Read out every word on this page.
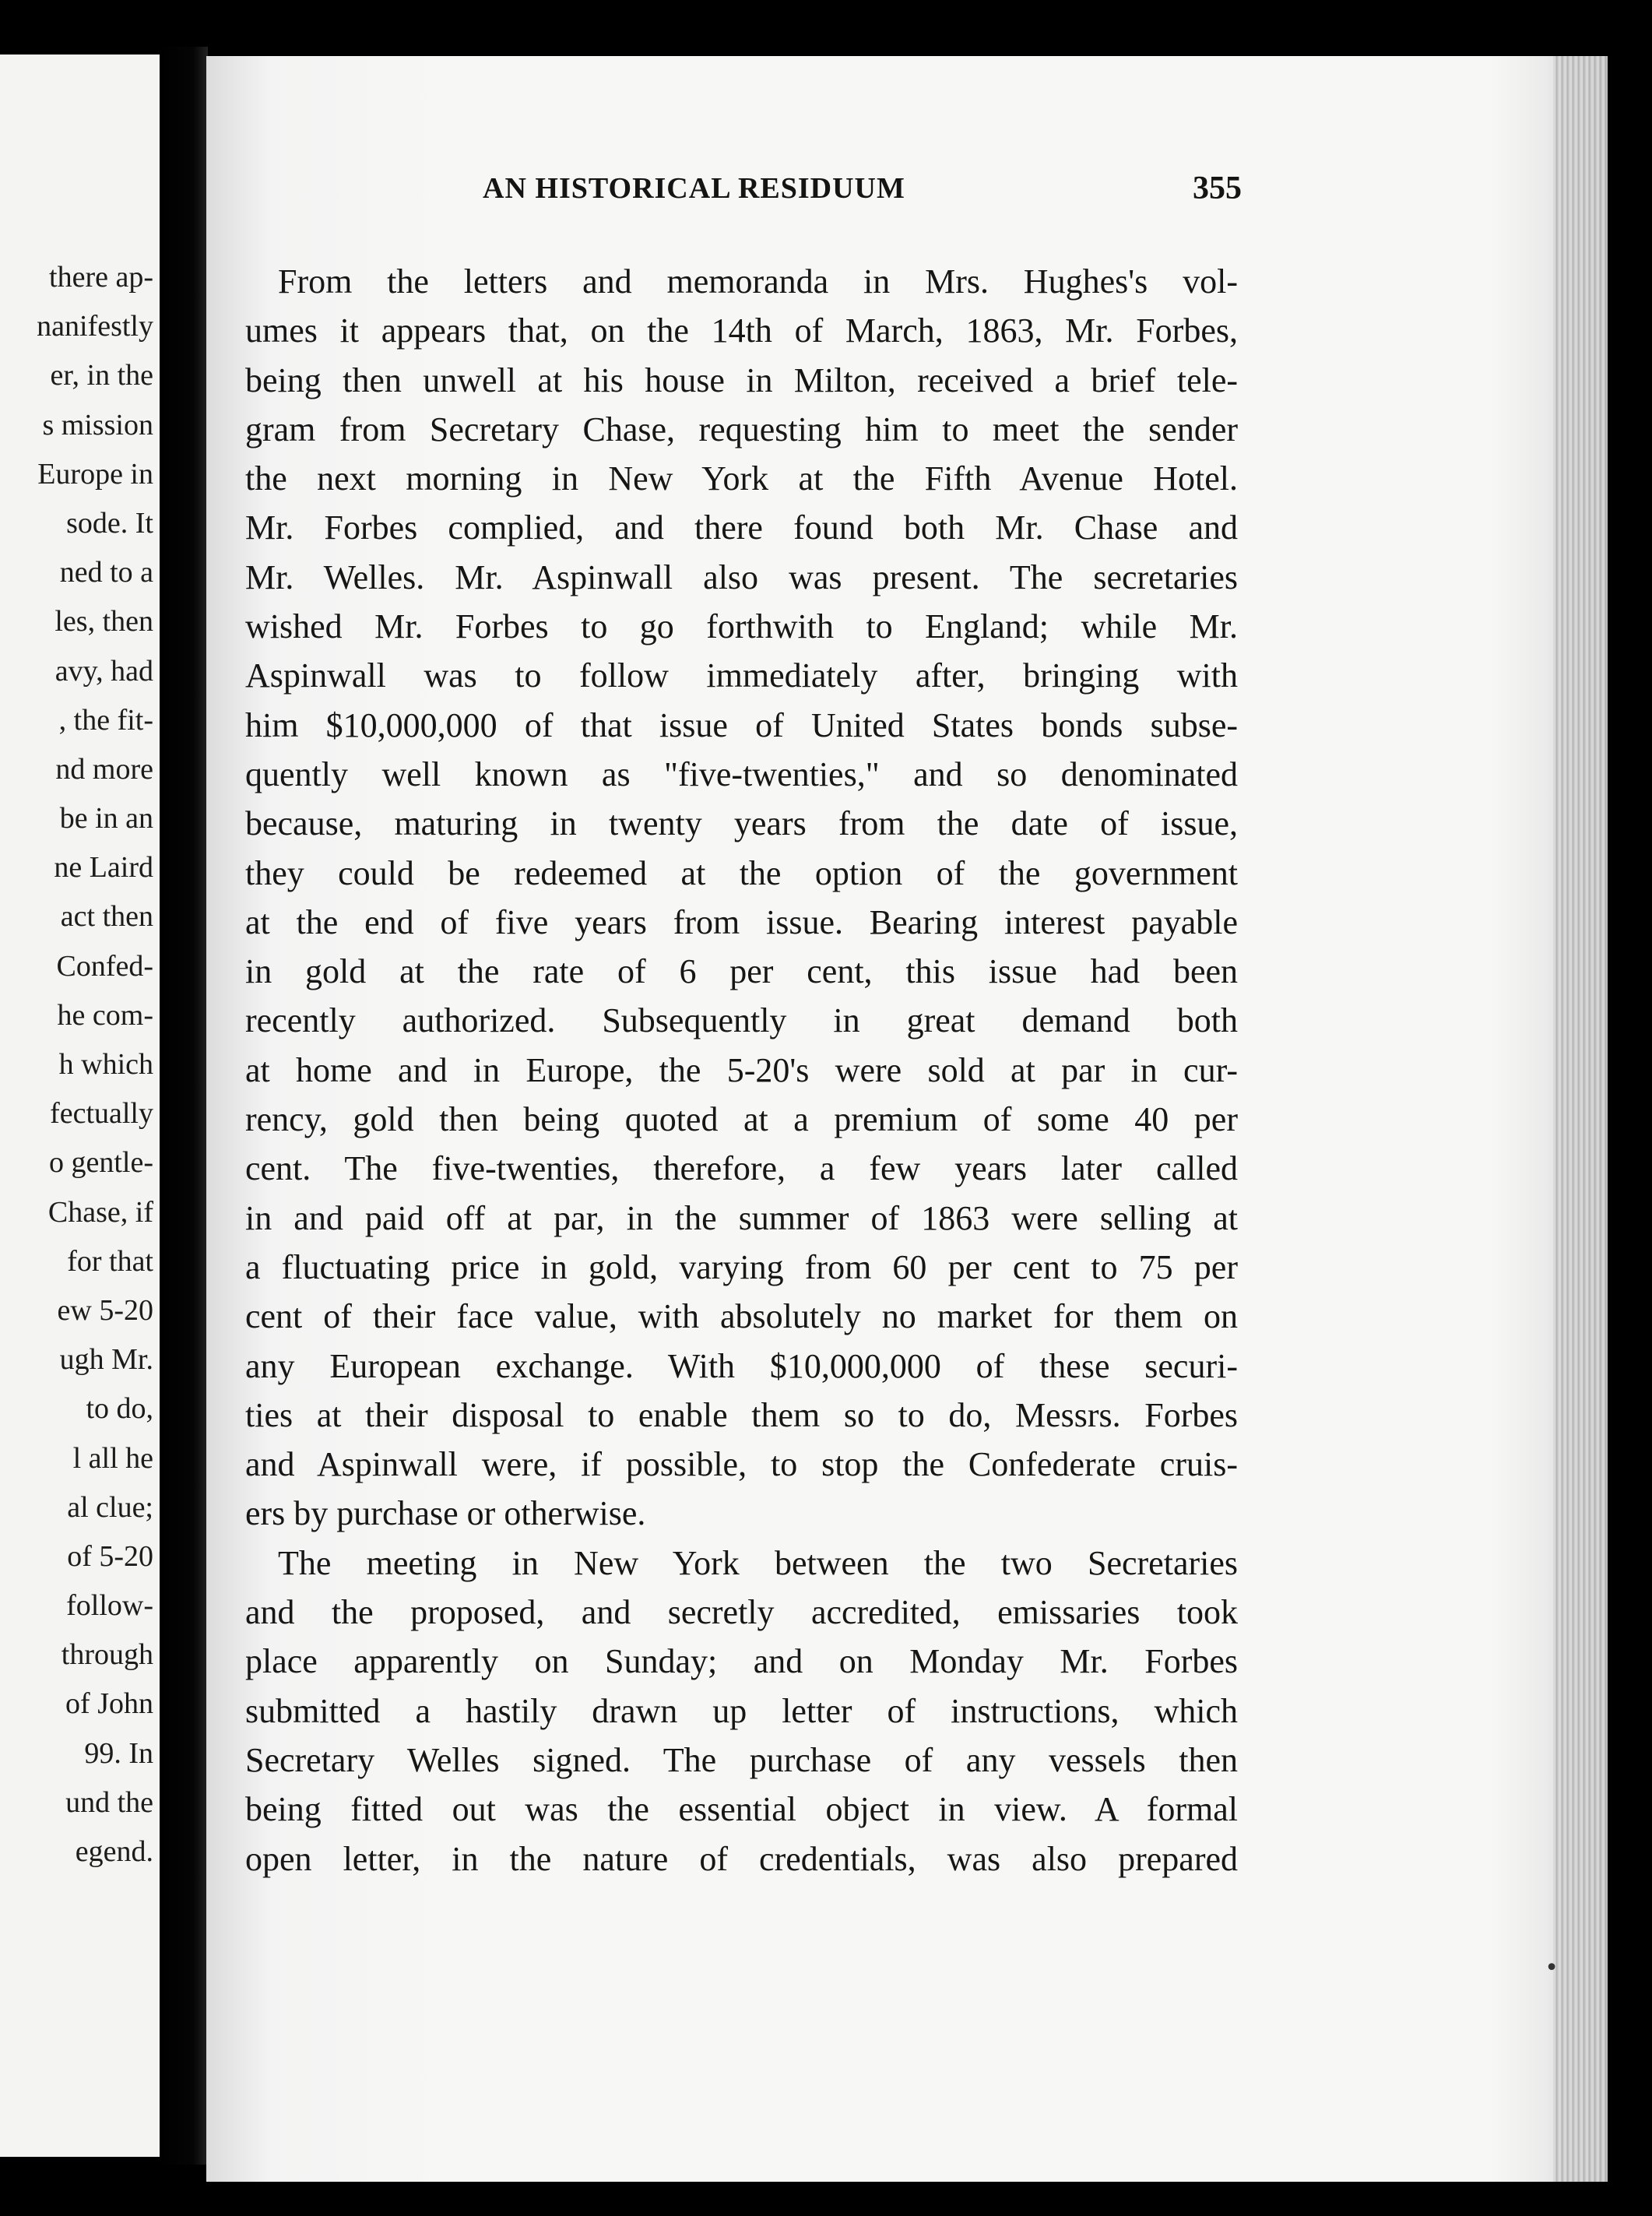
there ap-
nanifestly
er, in the
s mission
Europe in
sode. It
ned to a
les, then
avy, had
, the fit-
nd more
be in an
ne Laird
act then
Confed-
he com-
h which
fectually
o gentle-
Chase, if
for that
ew 5-20
ugh Mr.
to do,
l all he
al clue;
of 5-20
follow-
through
of John
99. In
und the
egend.
AN HISTORICAL RESIDUUM	355
From the letters and memoranda in Mrs. Hughes's vol-
umes it appears that, on the 14th of March, 1863, Mr. Forbes,
being then unwell at his house in Milton, received a brief tele-
gram from Secretary Chase, requesting him to meet the sender
the next morning in New York at the Fifth Avenue Hotel.
Mr. Forbes complied, and there found both Mr. Chase and
Mr. Welles. Mr. Aspinwall also was present. The secretaries
wished Mr. Forbes to go forthwith to England; while Mr.
Aspinwall was to follow immediately after, bringing with
him $10,000,000 of that issue of United States bonds subse-
quently well known as "five-twenties," and so denominated
because, maturing in twenty years from the date of issue,
they could be redeemed at the option of the government
at the end of five years from issue. Bearing interest payable
in gold at the rate of 6 per cent, this issue had been
recently authorized. Subsequently in great demand both
at home and in Europe, the 5-20's were sold at par in cur-
rency, gold then being quoted at a premium of some 40 per
cent. The five-twenties, therefore, a few years later called
in and paid off at par, in the summer of 1863 were selling at
a fluctuating price in gold, varying from 60 per cent to 75 per
cent of their face value, with absolutely no market for them on
any European exchange. With $10,000,000 of these securi-
ties at their disposal to enable them so to do, Messrs. Forbes
and Aspinwall were, if possible, to stop the Confederate cruis-
ers by purchase or otherwise.
The meeting in New York between the two Secretaries
and the proposed, and secretly accredited, emissaries took
place apparently on Sunday; and on Monday Mr. Forbes
submitted a hastily drawn up letter of instructions, which
Secretary Welles signed. The purchase of any vessels then
being fitted out was the essential object in view. A formal
open letter, in the nature of credentials, was also prepared
•
